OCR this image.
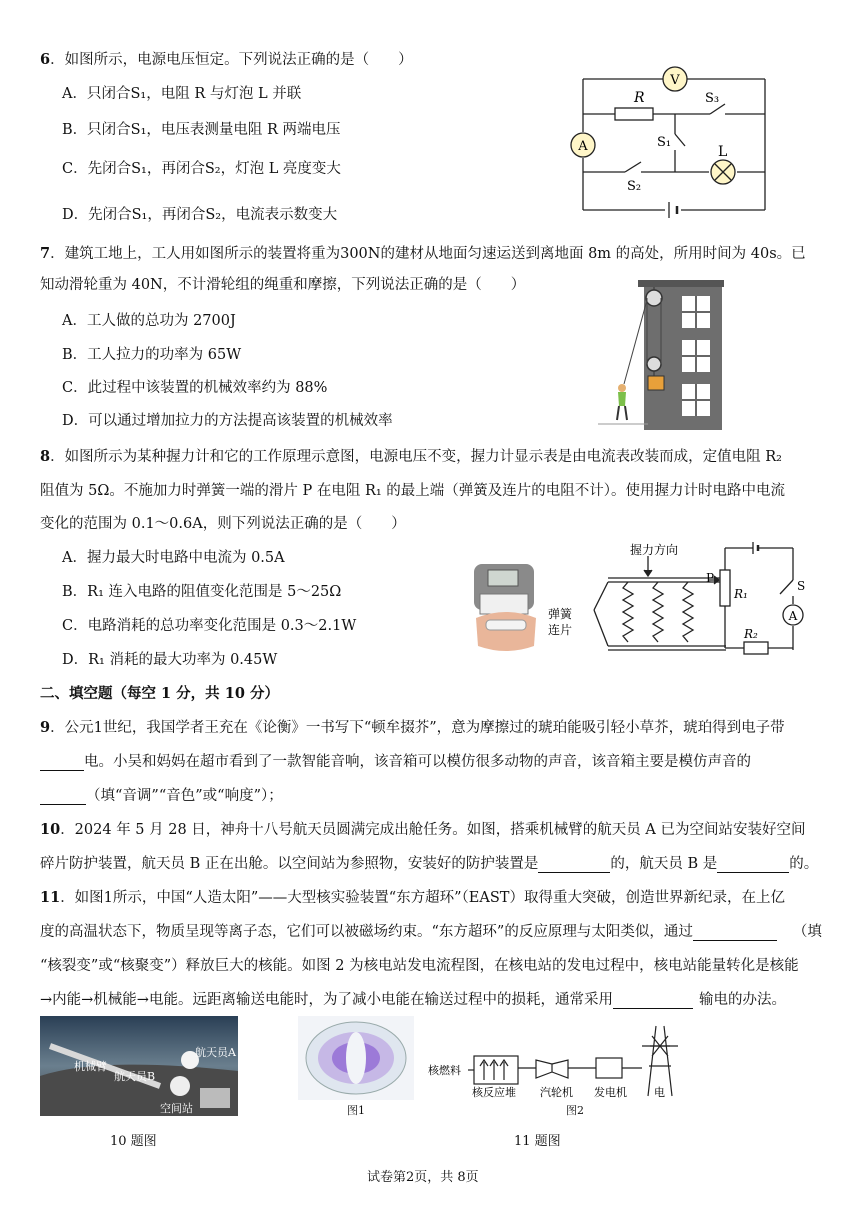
6．如图所示，电源电压恒定。下列说法正确的是（　　）
A．只闭合S₁，电阻 R 与灯泡 L 并联
B．只闭合S₁，电压表测量电阻 R 两端电压
C．先闭合S₁，再闭合S₂，灯泡 L 亮度变大
D．先闭合S₁，再闭合S₂，电流表示数变大
V
A
R	S₃
S₁
S₂
L
7．建筑工地上，工人用如图所示的装置将重为300N的建材从地面匀速运送到离地面 8m 的高处，所用时间为 40s。已
知动滑轮重为 40N，不计滑轮组的绳重和摩擦，下列说法正确的是（　　）
A．工人做的总功为 2700J
B．工人拉力的功率为 65W
C．此过程中该装置的机械效率约为 88%
D．可以通过增加拉力的方法提高该装置的机械效率
8．如图所示为某种握力计和它的工作原理示意图，电源电压不变，握力计显示表是由电流表改装而成，定值电阻 R₂
阻值为 5Ω。不施加力时弹簧一端的滑片 P 在电阻 R₁ 的最上端（弹簧及连片的电阻不计）。使用握力计时电路中电流
变化的范围为 0.1～0.6A，则下列说法正确的是（　　）
A．握力最大时电路中电流为 0.5A
B．R₁ 连入电路的阻值变化范围是 5～25Ω
C．电路消耗的总功率变化范围是 0.3～2.1W
D．R₁ 消耗的最大功率为 0.45W
A
握力方向
P
R₁
S
弹簧
连片	R₂
二、填空题（每空 1 分，共 10 分）
9．公元1世纪，我国学者王充在《论衡》一书写下“顿牟掇芥”，意为摩擦过的琥珀能吸引轻小草芥，琥珀得到电子带
电。小吴和妈妈在超市看到了一款智能音响，该音箱可以模仿很多动物的声音，该音箱主要是模仿声音的
（填“音调”“音色”或“响度”）；
10．2024 年 5 月 28 日，神舟十八号航天员圆满完成出舱任务。如图，搭乘机械臂的航天员 A 已为空间站安装好空间
碎片防护装置，航天员 B 正在出舱。以空间站为参照物，安装好的防护装置是	的，航天员 B 是	的。
11．如图1所示，中国“人造太阳”——大型核实验装置“东方超环”（EAST）取得重大突破，创造世界新纪录，在上亿
度的高温状态下，物质呈现等离子态，它们可以被磁场约束。“东方超环”的反应原理与太阳类似，通过	（填
“核裂变”或“核聚变”）释放巨大的核能。如图 2 为核电站发电流程图，在核电站的发电过程中，核电站能量转化是核能
→内能→机械能→电能。远距离输送电能时，为了减小电能在输送过程中的损耗，通常采用	输电的办法。
机械臂
航天员A
航天员B
空间站
10 题图
图1
核燃料
核反应堆 汽轮机 发电机 电
图2
11 题图
试卷第2页，共 8页
